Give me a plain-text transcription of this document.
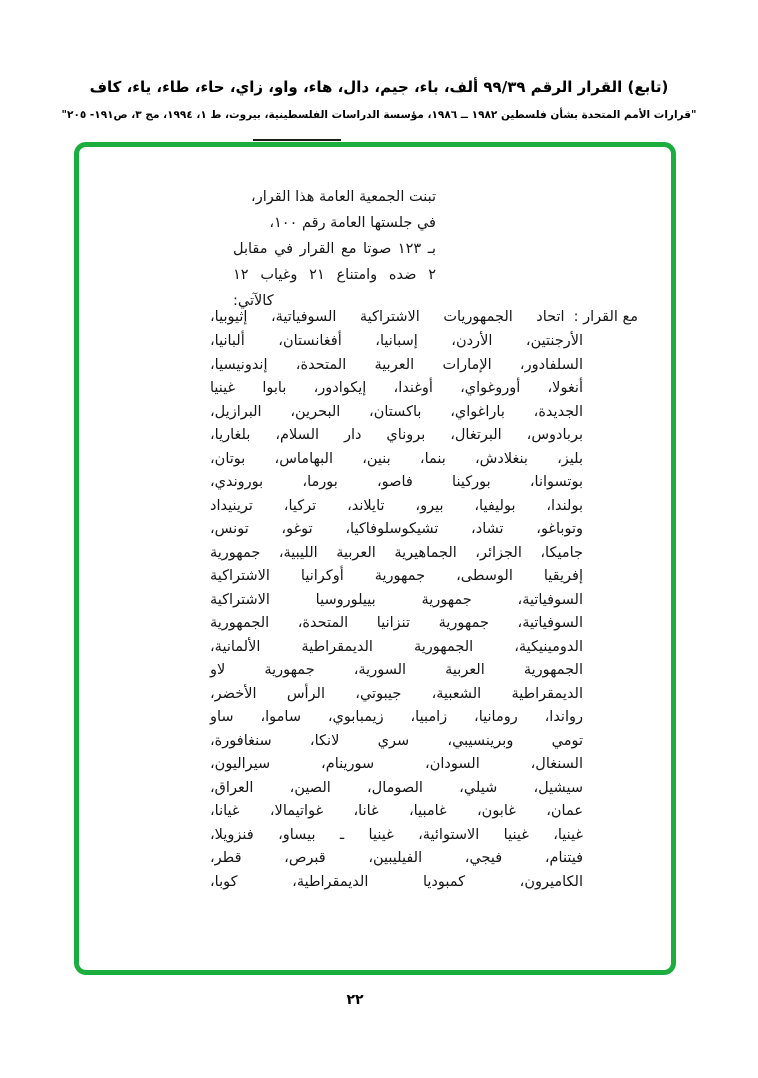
(تابع) القرار الرقم ٩٩/٣٩ ألف، باء، جيم، دال، هاء، واو، زاي، حاء، طاء، ياء، كاف
"قرارات الأمم المتحدة بشأن فلسطين ١٩٨٢ ــ ١٩٨٦، مؤسسة الدراسات الفلسطينية، بيروت، ط ١، ١٩٩٤، مج ٣، ص١٩١- ٢٠٥"
تبنت الجمعية العامة هذا القرار،
في جلستها العامة رقم ١٠٠،
بـ ١٢٣ صوتا مع القرار في مقابل
٢ ضده وامتناع ٢١ وغياب ١٢
كالآتي:
مع القرار :
اتحاد الجمهوريات الاشتراكية السوفياتية، إثيوبيا،
الأرجنتين، الأردن، إسبانيا، أفغانستان، ألبانيا،
السلفادور، الإمارات العربية المتحدة، إندونيسيا،
أنغولا، أوروغواي، أوغندا، إيكوادور، بابوا غينيا
الجديدة، باراغواي، باكستان، البحرين، البرازيل،
بربادوس، البرتغال، بروناي دار السلام، بلغاريا،
بليز، بنغلادش، بنما، بنين، البهاماس، بوتان،
بوتسوانا، بوركينا فاصو، بورما، بوروندي،
بولندا، بوليفيا، بيرو، تايلاند، تركيا، ترينيداد
وتوباغو، تشاد، تشيكوسلوفاكيا، توغو، تونس،
جاميكا، الجزائر، الجماهيرية العربية الليبية، جمهورية
إفريقيا الوسطى، جمهورية أوكرانيا الاشتراكية
السوفياتية، جمهورية بييلوروسيا الاشتراكية
السوفياتية، جمهورية تنزانيا المتحدة، الجمهورية
الدومينيكية، الجمهورية الديمقراطية الألمانية،
الجمهورية العربية السورية، جمهورية لاو
الديمقراطية الشعبية، جيبوتي، الرأس الأخضر،
رواندا، رومانيا، زامبيا، زيمبابوي، ساموا، ساو
تومي وبرينسيبي، سري لانكا، سنغافورة،
السنغال، السودان، سورينام، سيراليون،
سيشيل، شيلي، الصومال، الصين، العراق،
عمان، غابون، غامبيا، غانا، غواتيمالا، غيانا،
غينيا، غينيا الاستوائية، غينيا ـ بيساو، فنزويلا،
فيتنام، فيجي، الفيليبين، قبرص، قطر،
الكاميرون، كمبوديا الديمقراطية، كوبا،
٢٢
